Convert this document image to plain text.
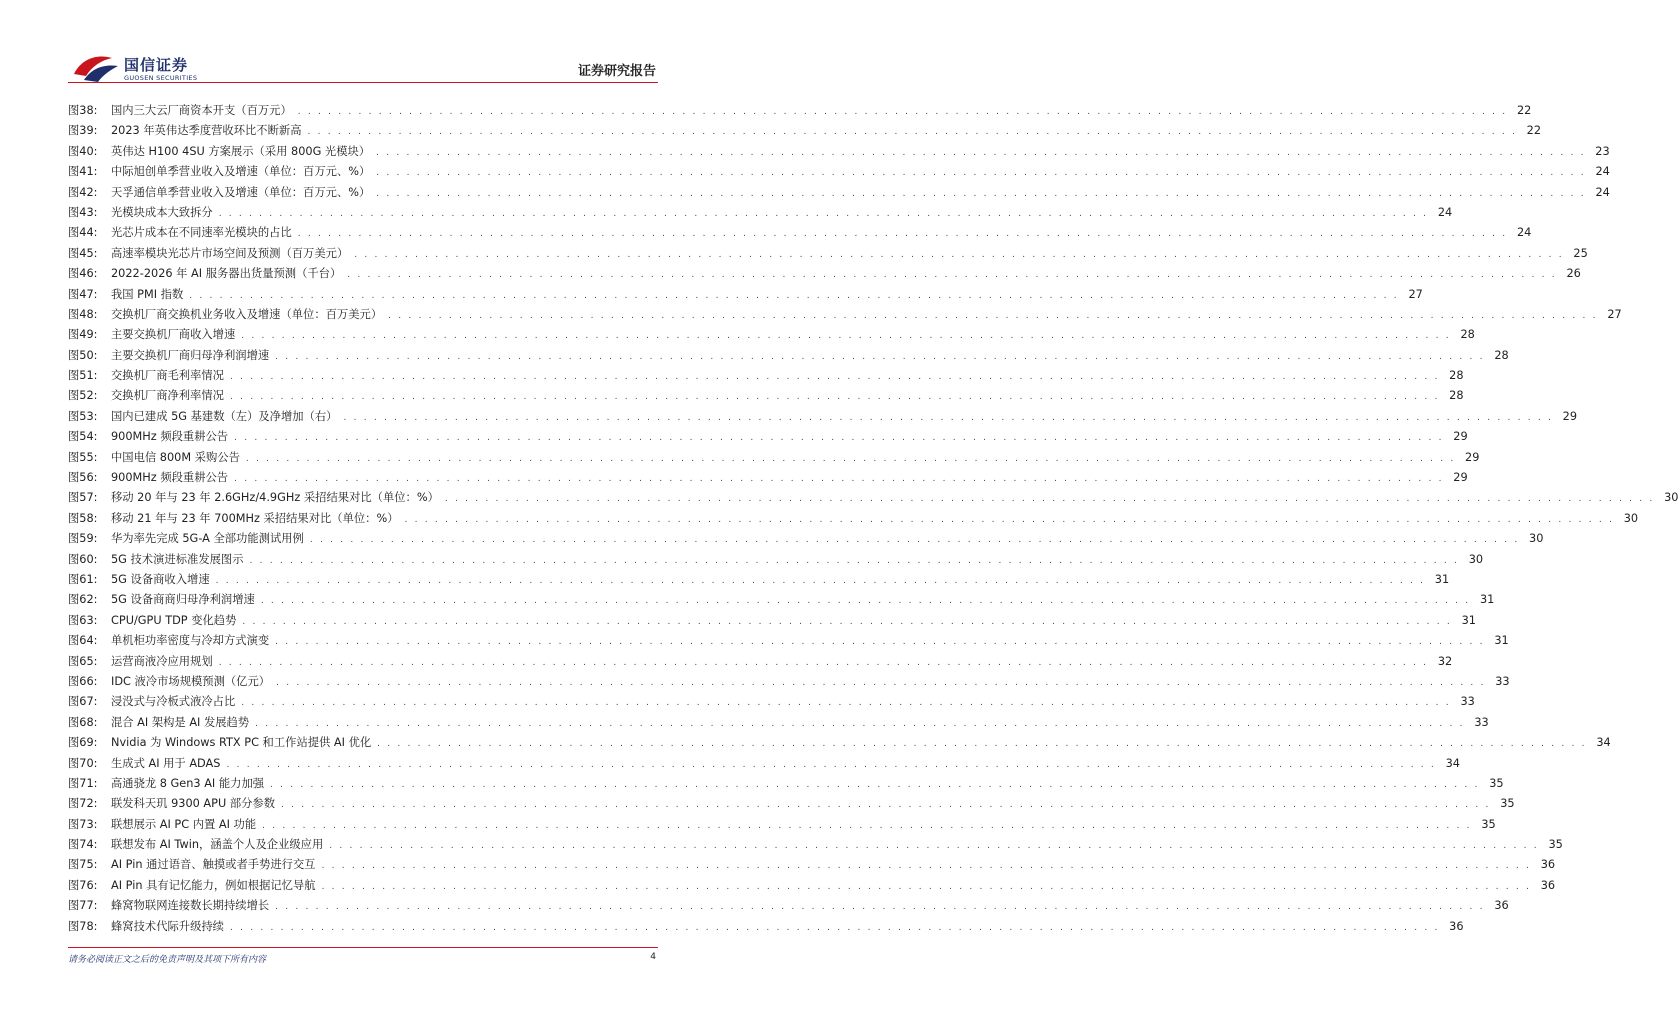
国信证券
GUOSEN SECURITIES	证券研究报告
图38:	国内三大云厂商资本开支（百万元） . . . . . . . . . . . . . . . . . . . . . . . . . . . . . . . . . . . . . . . . . . . . . . . . . . . . . . . . . . . . . . . . . . . . . . . . . . . . . . . . . . . . . . . . . . . . . . . . . . . . . . . . . . . . . . . . . . . . . . . . 22
图39:	2023 年英伟达季度营收环比不断新高 . . . . . . . . . . . . . . . . . . . . . . . . . . . . . . . . . . . . . . . . . . . . . . . . . . . . . . . . . . . . . . . . . . . . . . . . . . . . . . . . . . . . . . . . . . . . . . . . . . . . . . . . . . . . . . . . . . . . . . . . 22
图40:	英伟达 H100 4SU 方案展示（采用 800G 光模块） . . . . . . . . . . . . . . . . . . . . . . . . . . . . . . . . . . . . . . . . . . . . . . . . . . . . . . . . . . . . . . . . . . . . . . . . . . . . . . . . . . . . . . . . . . . . . . . . . . . . . . . . . . . . . . . . . . . . . . . . 23
图41:	中际旭创单季营业收入及增速（单位：百万元、%） . . . . . . . . . . . . . . . . . . . . . . . . . . . . . . . . . . . . . . . . . . . . . . . . . . . . . . . . . . . . . . . . . . . . . . . . . . . . . . . . . . . . . . . . . . . . . . . . . . . . . . . . . . . . . . . . . . . . . . . . 24
图42:	天孚通信单季营业收入及增速（单位：百万元、%） . . . . . . . . . . . . . . . . . . . . . . . . . . . . . . . . . . . . . . . . . . . . . . . . . . . . . . . . . . . . . . . . . . . . . . . . . . . . . . . . . . . . . . . . . . . . . . . . . . . . . . . . . . . . . . . . . . . . . . . . 24
图43:	光模块成本大致拆分 . . . . . . . . . . . . . . . . . . . . . . . . . . . . . . . . . . . . . . . . . . . . . . . . . . . . . . . . . . . . . . . . . . . . . . . . . . . . . . . . . . . . . . . . . . . . . . . . . . . . . . . . . . . . . . . . . . . . . . . . 24
图44:	光芯片成本在不同速率光模块的占比 . . . . . . . . . . . . . . . . . . . . . . . . . . . . . . . . . . . . . . . . . . . . . . . . . . . . . . . . . . . . . . . . . . . . . . . . . . . . . . . . . . . . . . . . . . . . . . . . . . . . . . . . . . . . . . . . . . . . . . . . 24
图45:	高速率模块光芯片市场空间及预测（百万美元） . . . . . . . . . . . . . . . . . . . . . . . . . . . . . . . . . . . . . . . . . . . . . . . . . . . . . . . . . . . . . . . . . . . . . . . . . . . . . . . . . . . . . . . . . . . . . . . . . . . . . . . . . . . . . . . . . . . . . . . . 25
图46:	2022-2026 年 AI 服务器出货量预测（千台） . . . . . . . . . . . . . . . . . . . . . . . . . . . . . . . . . . . . . . . . . . . . . . . . . . . . . . . . . . . . . . . . . . . . . . . . . . . . . . . . . . . . . . . . . . . . . . . . . . . . . . . . . . . . . . . . . . . . . . . . 26
图47:	我国 PMI 指数 . . . . . . . . . . . . . . . . . . . . . . . . . . . . . . . . . . . . . . . . . . . . . . . . . . . . . . . . . . . . . . . . . . . . . . . . . . . . . . . . . . . . . . . . . . . . . . . . . . . . . . . . . . . . . . . . . . . . . . . . 27
图48:	交换机厂商交换机业务收入及增速（单位：百万美元） . . . . . . . . . . . . . . . . . . . . . . . . . . . . . . . . . . . . . . . . . . . . . . . . . . . . . . . . . . . . . . . . . . . . . . . . . . . . . . . . . . . . . . . . . . . . . . . . . . . . . . . . . . . . . . . . . . . . . . . . 27
图49:	主要交换机厂商收入增速 . . . . . . . . . . . . . . . . . . . . . . . . . . . . . . . . . . . . . . . . . . . . . . . . . . . . . . . . . . . . . . . . . . . . . . . . . . . . . . . . . . . . . . . . . . . . . . . . . . . . . . . . . . . . . . . . . . . . . . . . 28
图50:	主要交换机厂商归母净利润增速 . . . . . . . . . . . . . . . . . . . . . . . . . . . . . . . . . . . . . . . . . . . . . . . . . . . . . . . . . . . . . . . . . . . . . . . . . . . . . . . . . . . . . . . . . . . . . . . . . . . . . . . . . . . . . . . . . . . . . . . . 28
图51:	交换机厂商毛利率情况 . . . . . . . . . . . . . . . . . . . . . . . . . . . . . . . . . . . . . . . . . . . . . . . . . . . . . . . . . . . . . . . . . . . . . . . . . . . . . . . . . . . . . . . . . . . . . . . . . . . . . . . . . . . . . . . . . . . . . . . . 28
图52:	交换机厂商净利率情况 . . . . . . . . . . . . . . . . . . . . . . . . . . . . . . . . . . . . . . . . . . . . . . . . . . . . . . . . . . . . . . . . . . . . . . . . . . . . . . . . . . . . . . . . . . . . . . . . . . . . . . . . . . . . . . . . . . . . . . . . 28
图53:	国内已建成 5G 基建数（左）及净增加（右） . . . . . . . . . . . . . . . . . . . . . . . . . . . . . . . . . . . . . . . . . . . . . . . . . . . . . . . . . . . . . . . . . . . . . . . . . . . . . . . . . . . . . . . . . . . . . . . . . . . . . . . . . . . . . . . . . . . . . . . . 29
图54:	900MHz 频段重耕公告 . . . . . . . . . . . . . . . . . . . . . . . . . . . . . . . . . . . . . . . . . . . . . . . . . . . . . . . . . . . . . . . . . . . . . . . . . . . . . . . . . . . . . . . . . . . . . . . . . . . . . . . . . . . . . . . . . . . . . . . . 29
图55:	中国电信 800M 采购公告 . . . . . . . . . . . . . . . . . . . . . . . . . . . . . . . . . . . . . . . . . . . . . . . . . . . . . . . . . . . . . . . . . . . . . . . . . . . . . . . . . . . . . . . . . . . . . . . . . . . . . . . . . . . . . . . . . . . . . . . . 29
图56:	900MHz 频段重耕公告 . . . . . . . . . . . . . . . . . . . . . . . . . . . . . . . . . . . . . . . . . . . . . . . . . . . . . . . . . . . . . . . . . . . . . . . . . . . . . . . . . . . . . . . . . . . . . . . . . . . . . . . . . . . . . . . . . . . . . . . . 29
图57:	移动 20 年与 23 年 2.6GHz/4.9GHz 采招结果对比（单位：%） . . . . . . . . . . . . . . . . . . . . . . . . . . . . . . . . . . . . . . . . . . . . . . . . . . . . . . . . . . . . . . . . . . . . . . . . . . . . . . . . . . . . . . . . . . . . . . . . . . . . . . . . . . . . . . . . . . . . . . . . 30
图58:	移动 21 年与 23 年 700MHz 采招结果对比（单位：%） . . . . . . . . . . . . . . . . . . . . . . . . . . . . . . . . . . . . . . . . . . . . . . . . . . . . . . . . . . . . . . . . . . . . . . . . . . . . . . . . . . . . . . . . . . . . . . . . . . . . . . . . . . . . . . . . . . . . . . . . 30
图59:	华为率先完成 5G-A 全部功能测试用例 . . . . . . . . . . . . . . . . . . . . . . . . . . . . . . . . . . . . . . . . . . . . . . . . . . . . . . . . . . . . . . . . . . . . . . . . . . . . . . . . . . . . . . . . . . . . . . . . . . . . . . . . . . . . . . . . . . . . . . . . 30
图60:	5G 技术演进标准发展图示 . . . . . . . . . . . . . . . . . . . . . . . . . . . . . . . . . . . . . . . . . . . . . . . . . . . . . . . . . . . . . . . . . . . . . . . . . . . . . . . . . . . . . . . . . . . . . . . . . . . . . . . . . . . . . . . . . . . . . . . . 30
图61:	5G 设备商收入增速 . . . . . . . . . . . . . . . . . . . . . . . . . . . . . . . . . . . . . . . . . . . . . . . . . . . . . . . . . . . . . . . . . . . . . . . . . . . . . . . . . . . . . . . . . . . . . . . . . . . . . . . . . . . . . . . . . . . . . . . . 31
图62:	5G 设备商商归母净利润增速 . . . . . . . . . . . . . . . . . . . . . . . . . . . . . . . . . . . . . . . . . . . . . . . . . . . . . . . . . . . . . . . . . . . . . . . . . . . . . . . . . . . . . . . . . . . . . . . . . . . . . . . . . . . . . . . . . . . . . . . . 31
图63:	CPU/GPU TDP 变化趋势 . . . . . . . . . . . . . . . . . . . . . . . . . . . . . . . . . . . . . . . . . . . . . . . . . . . . . . . . . . . . . . . . . . . . . . . . . . . . . . . . . . . . . . . . . . . . . . . . . . . . . . . . . . . . . . . . . . . . . . . . 31
图64:	单机柜功率密度与冷却方式演变 . . . . . . . . . . . . . . . . . . . . . . . . . . . . . . . . . . . . . . . . . . . . . . . . . . . . . . . . . . . . . . . . . . . . . . . . . . . . . . . . . . . . . . . . . . . . . . . . . . . . . . . . . . . . . . . . . . . . . . . . 31
图65:	运营商液冷应用规划 . . . . . . . . . . . . . . . . . . . . . . . . . . . . . . . . . . . . . . . . . . . . . . . . . . . . . . . . . . . . . . . . . . . . . . . . . . . . . . . . . . . . . . . . . . . . . . . . . . . . . . . . . . . . . . . . . . . . . . . . 32
图66:	IDC 液冷市场规模预测（亿元） . . . . . . . . . . . . . . . . . . . . . . . . . . . . . . . . . . . . . . . . . . . . . . . . . . . . . . . . . . . . . . . . . . . . . . . . . . . . . . . . . . . . . . . . . . . . . . . . . . . . . . . . . . . . . . . . . . . . . . . . 33
图67:	浸没式与冷板式液冷占比 . . . . . . . . . . . . . . . . . . . . . . . . . . . . . . . . . . . . . . . . . . . . . . . . . . . . . . . . . . . . . . . . . . . . . . . . . . . . . . . . . . . . . . . . . . . . . . . . . . . . . . . . . . . . . . . . . . . . . . . . 33
图68:	混合 AI 架构是 AI 发展趋势 . . . . . . . . . . . . . . . . . . . . . . . . . . . . . . . . . . . . . . . . . . . . . . . . . . . . . . . . . . . . . . . . . . . . . . . . . . . . . . . . . . . . . . . . . . . . . . . . . . . . . . . . . . . . . . . . . . . . . . . . 33
图69:	Nvidia 为 Windows RTX PC 和工作站提供 AI 优化 . . . . . . . . . . . . . . . . . . . . . . . . . . . . . . . . . . . . . . . . . . . . . . . . . . . . . . . . . . . . . . . . . . . . . . . . . . . . . . . . . . . . . . . . . . . . . . . . . . . . . . . . . . . . . . . . . . . . . . . . 34
图70:	生成式 AI 用于 ADAS . . . . . . . . . . . . . . . . . . . . . . . . . . . . . . . . . . . . . . . . . . . . . . . . . . . . . . . . . . . . . . . . . . . . . . . . . . . . . . . . . . . . . . . . . . . . . . . . . . . . . . . . . . . . . . . . . . . . . . . . 34
图71:	高通骁龙 8 Gen3 AI 能力加强 . . . . . . . . . . . . . . . . . . . . . . . . . . . . . . . . . . . . . . . . . . . . . . . . . . . . . . . . . . . . . . . . . . . . . . . . . . . . . . . . . . . . . . . . . . . . . . . . . . . . . . . . . . . . . . . . . . . . . . . . 35
图72:	联发科天玑 9300 APU 部分参数 . . . . . . . . . . . . . . . . . . . . . . . . . . . . . . . . . . . . . . . . . . . . . . . . . . . . . . . . . . . . . . . . . . . . . . . . . . . . . . . . . . . . . . . . . . . . . . . . . . . . . . . . . . . . . . . . . . . . . . . . 35
图73:	联想展示 AI PC 内置 AI 功能 . . . . . . . . . . . . . . . . . . . . . . . . . . . . . . . . . . . . . . . . . . . . . . . . . . . . . . . . . . . . . . . . . . . . . . . . . . . . . . . . . . . . . . . . . . . . . . . . . . . . . . . . . . . . . . . . . . . . . . . . 35
图74:	联想发布 AI Twin，涵盖个人及企业级应用 . . . . . . . . . . . . . . . . . . . . . . . . . . . . . . . . . . . . . . . . . . . . . . . . . . . . . . . . . . . . . . . . . . . . . . . . . . . . . . . . . . . . . . . . . . . . . . . . . . . . . . . . . . . . . . . . . . . . . . . . 35
图75:	AI Pin 通过语音、触摸或者手势进行交互 . . . . . . . . . . . . . . . . . . . . . . . . . . . . . . . . . . . . . . . . . . . . . . . . . . . . . . . . . . . . . . . . . . . . . . . . . . . . . . . . . . . . . . . . . . . . . . . . . . . . . . . . . . . . . . . . . . . . . . . . 36
图76:	AI Pin 具有记忆能力，例如根据记忆导航 . . . . . . . . . . . . . . . . . . . . . . . . . . . . . . . . . . . . . . . . . . . . . . . . . . . . . . . . . . . . . . . . . . . . . . . . . . . . . . . . . . . . . . . . . . . . . . . . . . . . . . . . . . . . . . . . . . . . . . . . 36
图77:	蜂窝物联网连接数长期持续增长 . . . . . . . . . . . . . . . . . . . . . . . . . . . . . . . . . . . . . . . . . . . . . . . . . . . . . . . . . . . . . . . . . . . . . . . . . . . . . . . . . . . . . . . . . . . . . . . . . . . . . . . . . . . . . . . . . . . . . . . . 36
图78:	蜂窝技术代际升级持续 . . . . . . . . . . . . . . . . . . . . . . . . . . . . . . . . . . . . . . . . . . . . . . . . . . . . . . . . . . . . . . . . . . . . . . . . . . . . . . . . . . . . . . . . . . . . . . . . . . . . . . . . . . . . . . . . . . . . . . . . 36
请务必阅读正文之后的免责声明及其项下所有内容	4
